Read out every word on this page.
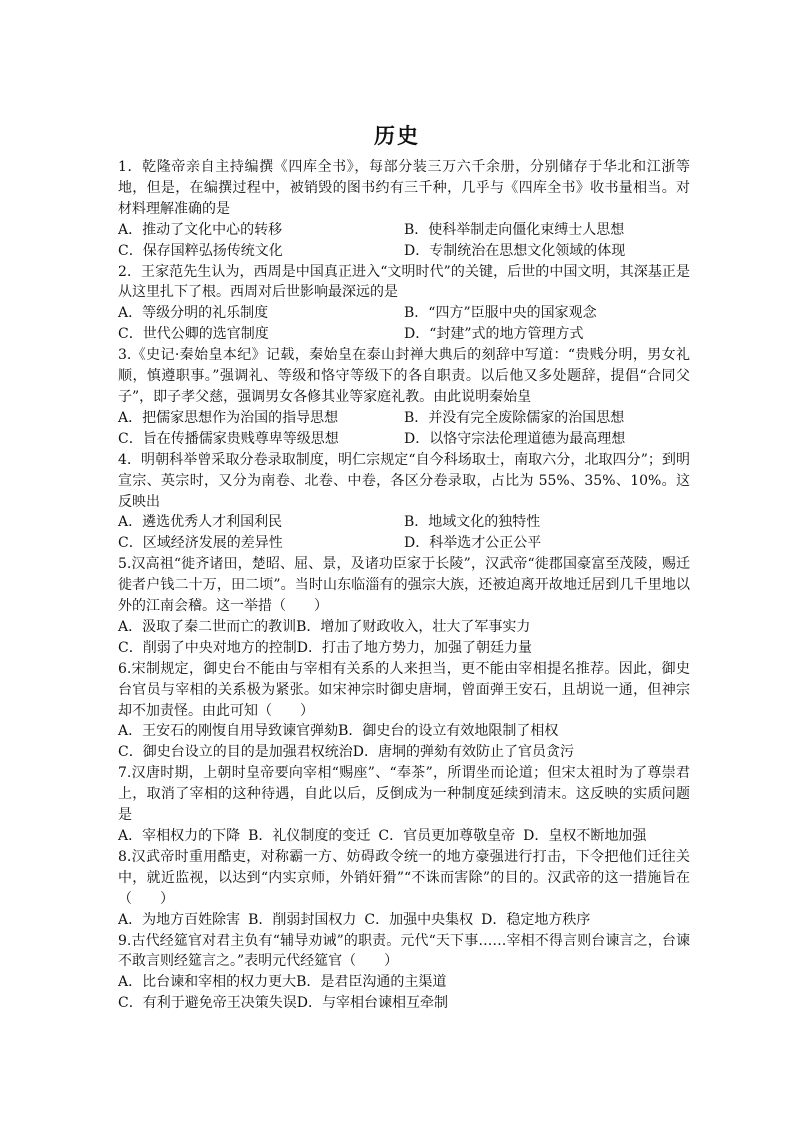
历史
1．乾隆帝亲自主持编撰《四库全书》，每部分装三万六千余册，分别储存于华北和江浙等地，但是，在编撰过程中，被销毁的图书约有三千种，几乎与《四库全书》收书量相当。对材料理解准确的是
A．推动了文化中心的转移	B．使科举制走向僵化束缚士人思想
C．保存国粹弘扬传统文化	D．专制统治在思想文化领域的体现
2．王家范先生认为，西周是中国真正进入“文明时代”的关键，后世的中国文明，其深基正是从这里扎下了根。西周对后世影响最深远的是
A．等级分明的礼乐制度	B．“四方”臣服中央的国家观念
C．世代公卿的选官制度	D．“封建”式的地方管理方式
3.《史记·秦始皇本纪》记载，秦始皇在泰山封禅大典后的刻辞中写道：“贵贱分明，男女礼顺，慎遵职事。”强调礼、等级和恪守等级下的各自职责。以后他又多处题辞，提倡“合同父子”，即子孝父慈，强调男女各修其业等家庭礼教。由此说明秦始皇
A．把儒家思想作为治国的指导思想	B．并没有完全废除儒家的治国思想
C．旨在传播儒家贵贱尊卑等级思想	D．以恪守宗法伦理道德为最高理想
4．明朝科举曾采取分卷录取制度，明仁宗规定“自今科场取士，南取六分，北取四分”；到明宣宗、英宗时，又分为南卷、北卷、中卷，各区分卷录取，占比为 55%、35%、10%。这反映出
A．遴选优秀人才利国利民	B．地域文化的独特性
C．区域经济发展的差异性	D．科举选才公正公平
5.汉高祖“徙齐诸田，楚昭、屈、景，及诸功臣家于长陵”，汉武帝“徙郡国豪富至茂陵，赐迁徙者户钱二十万，田二顷”。当时山东临淄有的强宗大族，还被迫离开故地迁居到几千里地以外的江南会稽。这一举措（　　）
A．汲取了秦二世而亡的教训 B．增加了财政收入，壮大了军事实力
C．削弱了中央对地方的控制 D．打击了地方势力，加强了朝廷力量
6.宋制规定，御史台不能由与宰相有关系的人来担当，更不能由宰相提名推荐。因此，御史台官员与宰相的关系极为紧张。如宋神宗时御史唐垌，曾面弹王安石，且胡说一通，但神宗却不加责怪。由此可知（　　）
A．王安石的刚愎自用导致谏官弹劾 B．御史台的设立有效地限制了相权
C．御史台设立的目的是加强君权统治 D．唐垌的弹劾有效防止了官员贪污
7.汉唐时期，上朝时皇帝要向宰相“赐座”、“奉茶”，所谓坐而论道；但宋太祖时为了尊崇君上，取消了宰相的这种待遇，自此以后，反倒成为一种制度延续到清末。这反映的实质问题是
A．宰相权力的下降 B．礼仪制度的变迁 C．官员更加尊敬皇帝 D．皇权不断地加强
8.汉武帝时重用酷吏，对称霸一方、妨碍政令统一的地方豪强进行打击，下令把他们迁往关中，就近监视，以达到“内实京师，外销奸猾”“不诛而害除”的目的。汉武帝的这一措施旨在（　　）
A．为地方百姓除害 B．削弱封国权力 C．加强中央集权 D．稳定地方秩序
9.古代经筵官对君主负有“辅导劝诫”的职责。元代“天下事……宰相不得言则台谏言之，台谏不敢言则经筵言之。”表明元代经筵官（　　）
A．比台谏和宰相的权力更大 B．是君臣沟通的主渠道
C．有利于避免帝王决策失误 D．与宰相台谏相互牵制
